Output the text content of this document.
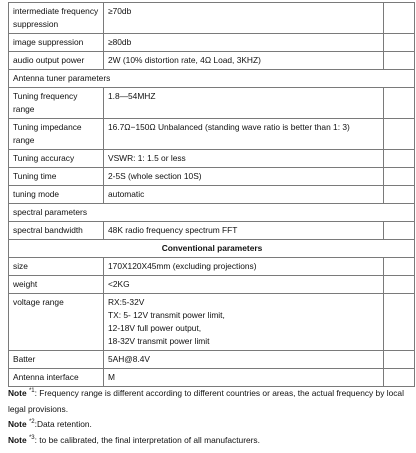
intermediate frequency suppression	≥70db	
image suppression	≥80db	
audio output power	2W (10% distortion rate, 4Ω Load, 3KHZ)	
Antenna tuner parameters		
Tuning frequency range	1.8—54MHZ	
Tuning impedance range	16.7Ω−150Ω Unbalanced (standing wave ratio is better than 1: 3)	
Tuning accuracy	VSWR: 1: 1.5 or less	
Tuning time	2-5S (whole section 10S)	
tuning mode	automatic	
spectral parameters		
spectral bandwidth	48K radio frequency spectrum FFT	
Conventional parameters		
size	170X120X45mm (excluding projections)	
weight	<2KG	
voltage range	RX:5-32V
TX: 5- 12V transmit power limit,
12-18V full power output,
18-32V transmit power limit	

Batter	5AH@8.4V	
Antenna interface	M	

Note $^{*1}$: Frequency range is different according to different countries or areas, the actual frequency by local legal provisions.

Note $^{*2}$:Data retention.

Note $^{*3}$: to be calibrated, the final interpretation of all manufacturers.
